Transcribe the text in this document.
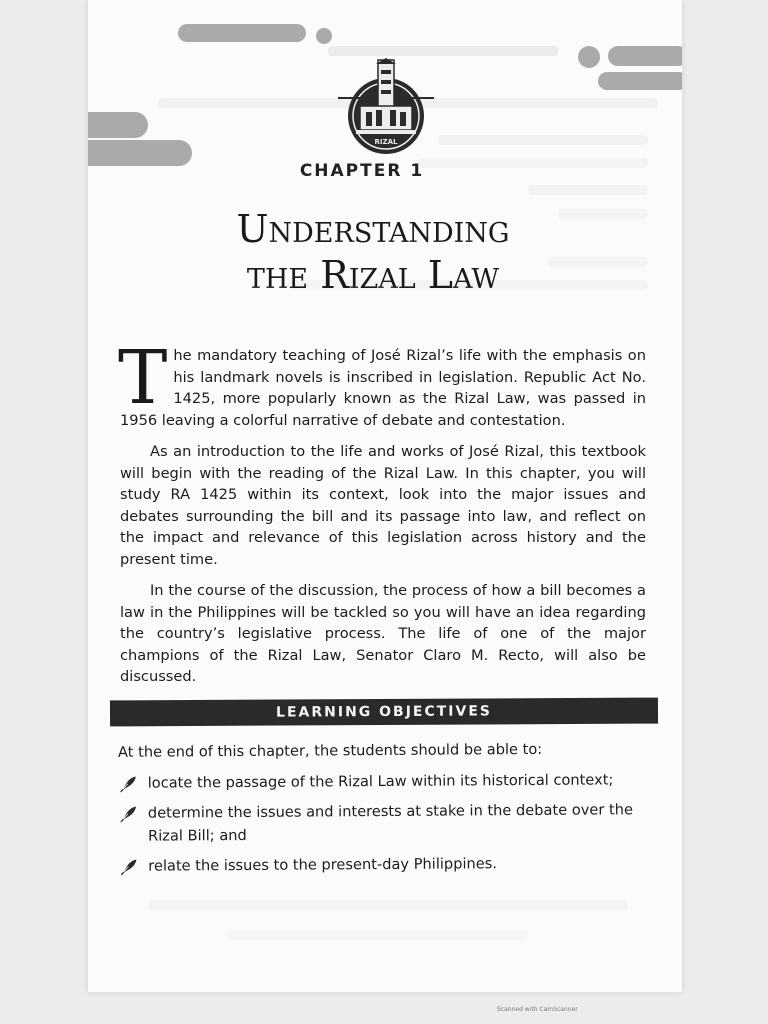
RIZAL
CHAPTER 1
Understanding
the Rizal Law

The mandatory teaching of José Rizal’s life with the emphasis on his landmark novels is inscribed in legislation. Republic Act No. 1425, more popularly known as the Rizal Law, was passed in 1956 leaving a colorful narrative of debate and contestation.

As an introduction to the life and works of José Rizal, this textbook will begin with the reading of the Rizal Law. In this chapter, you will study RA 1425 within its context, look into the major issues and debates surrounding the bill and its passage into law, and reflect on the impact and relevance of this legislation across history and the present time.

In the course of the discussion, the process of how a bill becomes a law in the Philippines will be tackled so you will have an idea regarding the country’s legislative process. The life of one of the major champions of the Rizal Law, Senator Claro M. Recto, will also be discussed.

LEARNING OBJECTIVES
At the end of this chapter, the students should be able to:
locate the passage of the Rizal Law within its historical context;
determine the issues and interests at stake in the debate over the Rizal Bill; and
relate the issues to the present-day Philippines.
Scanned with CamScanner
